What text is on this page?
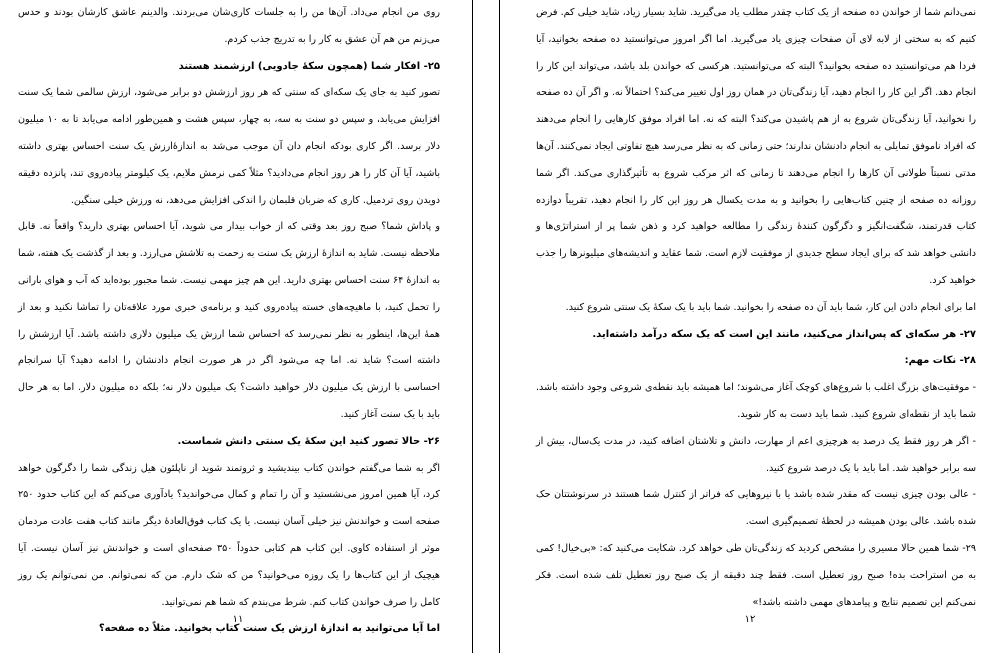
روی من انجام می‌داد. آن‌ها من را به جلسات کاری‌شان می‌بردند. والدینم عاشق کارشان بودند و حدس می‌زنم من هم آن عشق به کار را به تدریج جذب کردم.

۲۵- افکار شما (همچون سکۀ جادویی) ارزشمند هستند

تصور کنید به جای یک سکه‌ای که سنتی که هر روز ارزشش دو برابر می‌شود، ارزش سالمی شما یک سنت افزایش می‌یابد، و سپس دو سنت به سه، به چهار، سپس هشت و همین‌طور ادامه می‌یابد تا به ۱۰ میلیون دلار برسد. اگر کاری بودکه انجام دان آن موجب می‌شد به اندازۀارزش یک سنت احساس بهتری داشته باشید، آیا آن کار را هر روز انجام می‌دادید؟ مثلاً کمی نرمش ملایم، یک کیلومتر پیاده‌روی تند، پانزده دقیقه دویدن روی تردمیل. کاری که ضربان قلبمان را اندکی افزایش می‌دهد، نه ورزش خیلی سنگین.

و پاداش شما؟ صبح روز بعد وقتی که از خواب بیدار می شوید، آیا احساس بهتری دارید؟ واقعاً نه. قابل ملاحظه نیست. شاید به اندازۀ ارزش یک سنت به زحمت به تلاشش می‌ارزد. و بعد از گذشت یک هفته، شما به اندازۀ ۶۴ سنت احساس بهتری دارید. این هم چیز مهمی نیست. شما مجبور بوده‌اید که آب و هوای بارانی را تحمل کنید، با ماهیچه‌های خسته پیاده‌روی کنید و برنامه‌ی خبری مورد علاقه‌تان را تماشا نکنید و بعد از همۀ این‌ها، اینطور به نظر نمی‌رسد که احساس شما ارزش یک میلیون دلاری داشته باشد. آیا ارزشش را داشته است؟ شاید نه. اما چه می‌شود اگر در هر صورت انجام دادنشان را ادامه دهید؟ آیا سرانجام احساسی با ارزش یک میلیون دلار خواهید داشت؟ یک میلیون دلار نه؛ بلکه ده میلیون دلار. اما به هر حال باید با یک سنت آغاز کنید.

۲۶- حالا تصور کنید این سکۀ یک سنتی دانش شماست.

اگر به شما می‌گفتم خواندن کتاب بیندیشید و ثروتمند شوید از ناپلئون هیل زندگی شما را دگرگون خواهد کرد، آیا همین امروز می‌نشستید و آن را تمام و کمال می‌خواندید؟ یادآوری می‌کنم که این کتاب حدود ۲۵۰ صفحه است و خواندنش نیز خیلی آسان نیست. یا یک کتاب فوق‌العادۀ دیگر مانند کتاب هفت عادت مردمان موثر از استفاده کاوی. این کتاب هم کتابی حدوداً ۳۵۰ صفحه‌ای است و خواندنش نیز آسان نیست. آیا هیچیک از این کتاب‌ها را یک روزه می‌خوانید؟ من که شک دارم. من که نمی‌توانم. من نمی‌توانم یک روز کامل را صرف خواندن کتاب کنم. شرط می‌بندم که شما هم نمی‌توانید.

اما آیا می‌توانید به اندازۀ ارزش یک سنت کتاب بخوانید. مثلاً ده صفحه؟

۱۱

نمی‌دانم شما از خواندن ده صفحه از یک کتاب چقدر مطلب یاد می‌گیرید. شاید بسیار زیاد، شاید خیلی کم. فرض کنیم که به سختی از لابه لای آن صفحات چیزی یاد می‌گیرید. اما اگر امروز می‌توانستید ده صفحه بخوانید، آیا فردا هم می‌توانستید ده صفحه بخوانید؟ البته که می‌توانستید. هرکسی که خواندن بلد باشد، می‌تواند این کار را انجام دهد. اگر این کار را انجام دهید، آیا زندگی‌تان در همان روز اول تغییر می‌کند؟ احتمالاً نه. و اگر آن ده صفحه را نخوانید، آیا زندگی‌تان شروع به از هم پاشیدن می‌کند؟ البته که نه. اما افراد موفق کارهایی را انجام می‌دهند که افراد ناموفق تمایلی به انجام دادنشان ندارند؛ حتی زمانی که به نظر می‌رسد هیچ تفاوتی ایجاد نمی‌کنند. آن‌ها مدتی نسبتاً طولانی آن کارها را انجام می‌دهند تا زمانی که اثر مرکب شروع به تأثیرگذاری می‌کند. اگر شما روزانه ده صفحه از چنین کتاب‌هایی را بخوانید و به مدت یکسال هر روز این کار را انجام دهید، تقریباً دوازده کتاب قدرتمند، شگفت‌انگیز و دگرگون کنندۀ زندگی را مطالعه خواهید کرد و ذهن شما پر از استراتژی‌ها و دانشی خواهد شد که برای ایجاد سطح جدیدی از موفقیت لازم است. شما عقاید و اندیشه‌های میلیونرها را جذب خواهید کرد.

اما برای انجام دادن این کار، شما باید آن ده صفحه را بخوانید. شما باید با یک سکۀ یک سنتی شروع کنید.

۲۷- هر سکه‌ای که پس‌انداز می‌کنید، مانند این است که یک سکه درآمد داشته‌اید.

۲۸- نکات مهم:

- موفقیت‌های بزرگ اغلب با شروع‌های کوچک آغاز می‌شوند؛ اما همیشه باید نقطه‌ی شروعی وجود داشته باشد. شما باید از نقطه‌ای شروع کنید. شما باید دست به کار شوید.

- اگر هر روز فقط یک درصد به هرچیزی اعم از مهارت، دانش و تلاشتان اضافه کنید، در مدت یک‌سال، بیش از سه برابر خواهید شد. اما باید با یک درصد شروع کنید.

- عالی بودن چیزی نیست که مقدر شده باشد یا با نیروهایی که فراتر از کنترل شما هستند در سرنوشتتان حک شده باشد. عالی بودن همیشه در لحظۀ تصمیم‌گیری است.

۲۹- شما همین حالا مسیری را مشخص کردید که زندگی‌تان طی خواهد کرد. شکایت می‌کنید که: «بی‌خیال! کمی به من استراحت بده! صبح روز تعطیل است. فقط چند دقیقه از یک صبح روز تعطیل تلف شده است. فکر نمی‌کنم این تصمیم نتایج و پیامدهای مهمی داشته باشد!»

۱۲
